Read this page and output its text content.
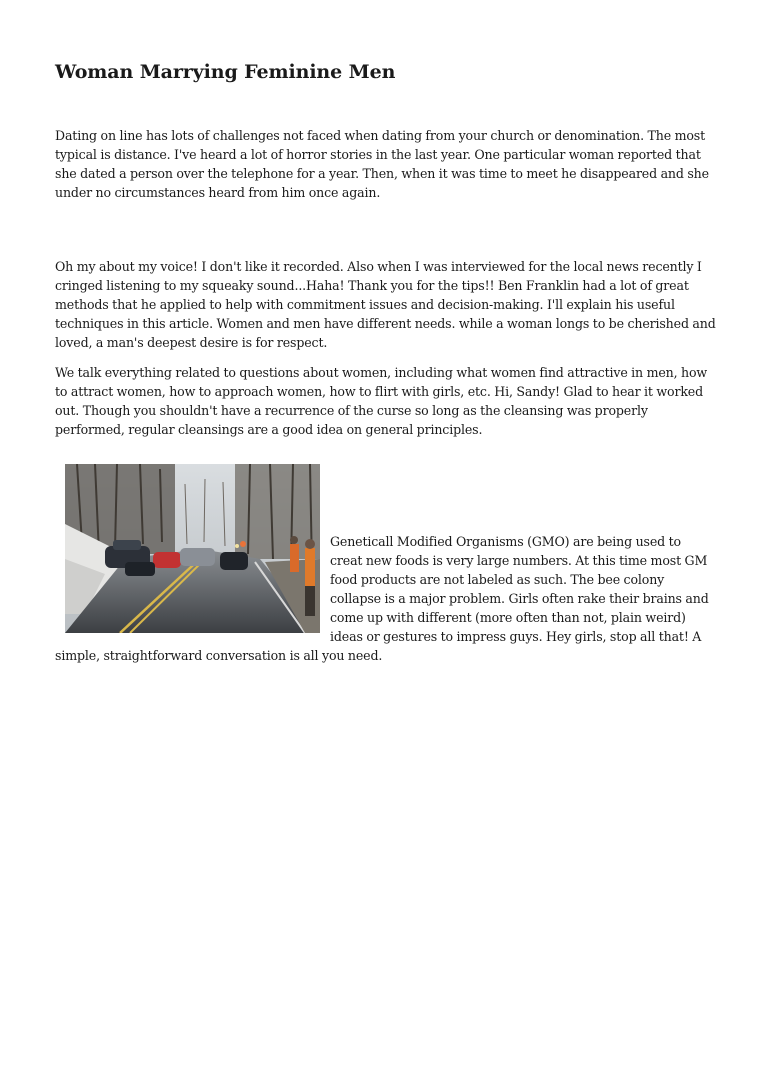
Woman Marrying Feminine Men

Dating on line has lots of challenges not faced when dating from your church or denomination. The most typical is distance. I've heard a lot of horror stories in the last year. One particular woman reported that she dated a person over the telephone for a year. Then, when it was time to meet he disappeared and she under no circumstances heard from him once again.

Oh my about my voice! I don't like it recorded. Also when I was interviewed for the local news recently I cringed listening to my squeaky sound...Haha! Thank you for the tips!! Ben Franklin had a lot of great methods that he applied to help with commitment issues and decision-making. I'll explain his useful techniques in this article. Women and men have different needs. while a woman longs to be cherished and loved, a man's deepest desire is for respect.

We talk everything related to questions about women, including what women find attractive in men, how to attract women, how to approach women, how to flirt with girls, etc. Hi, Sandy! Glad to hear it worked out. Though you shouldn't have a recurrence of the curse so long as the cleansing was properly performed, regular cleansings are a good idea on general principles.

Geneticall Modified Organisms (GMO) are being used to creat new foods is very large numbers. At this time most GM food products are not labeled as such. The bee colony collapse is a major problem. Girls often rake their brains and come up with different (more often than not, plain weird) ideas or gestures to impress guys. Hey girls, stop all that! A simple, straightforward conversation is all you need.
